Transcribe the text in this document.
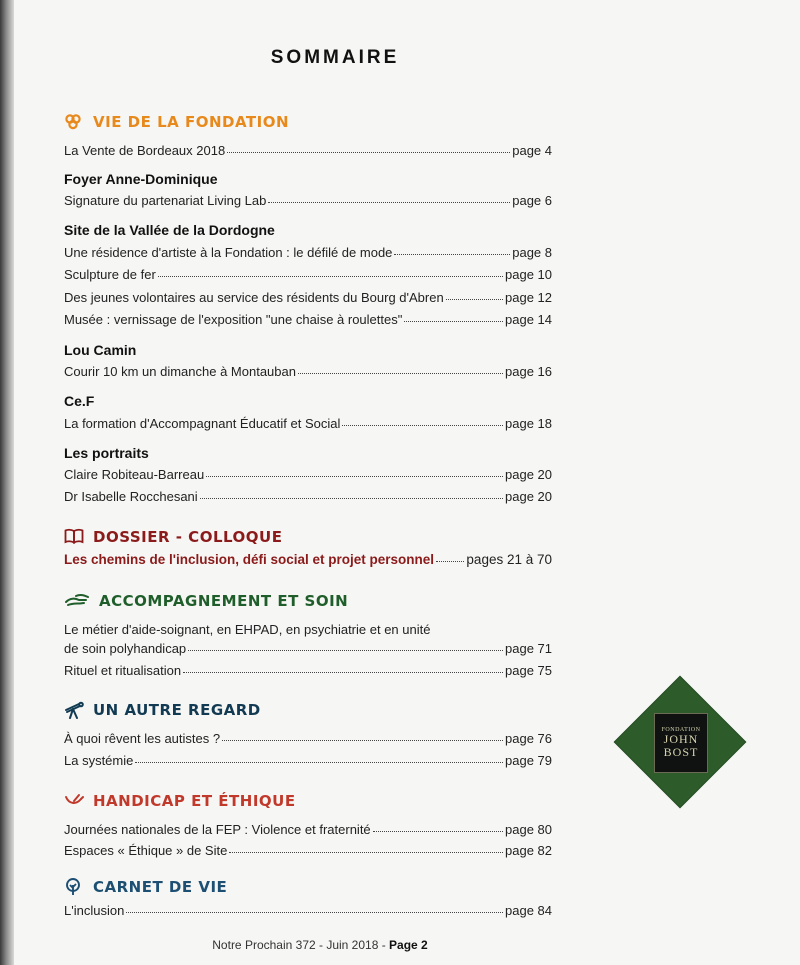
SOMMAIRE
VIE DE LA FONDATION
La Vente de Bordeaux 2018	page 4
Foyer Anne-Dominique
Signature du partenariat Living Lab	page 6
Site de la Vallée de la Dordogne
Une résidence d'artiste à la Fondation : le défilé de mode	page 8
Sculpture de fer	page 10
Des jeunes volontaires au service des résidents du Bourg d'Abren	page 12
Musée : vernissage de l'exposition "une chaise à roulettes"	page 14
Lou Camin
Courir 10 km un dimanche à Montauban	page 16
Ce.F
La formation d'Accompagnant Éducatif et Social	page 18
Les portraits
Claire Robiteau-Barreau	page 20
Dr Isabelle Rocchesani	page 20
DOSSIER - COLLOQUE
Les chemins de l'inclusion, défi social et projet personnel pages 21 à 70
ACCOMPAGNEMENT ET SOIN
Le métier d'aide-soignant, en EHPAD, en psychiatrie et en unité
de soin polyhandicap	page 71
Rituel et ritualisation	page 75
UN AUTRE REGARD
À quoi rêvent les autistes ?	page 76
La systémie	page 79
HANDICAP ET ÉTHIQUE
Journées nationales de la FEP : Violence et fraternité	page 80
Espaces « Éthique » de Site	page 82
CARNET DE VIE
L'inclusion	page 84
FONDATION
JOHN
BOST
Notre Prochain 372 - Juin 2018 - Page 2
